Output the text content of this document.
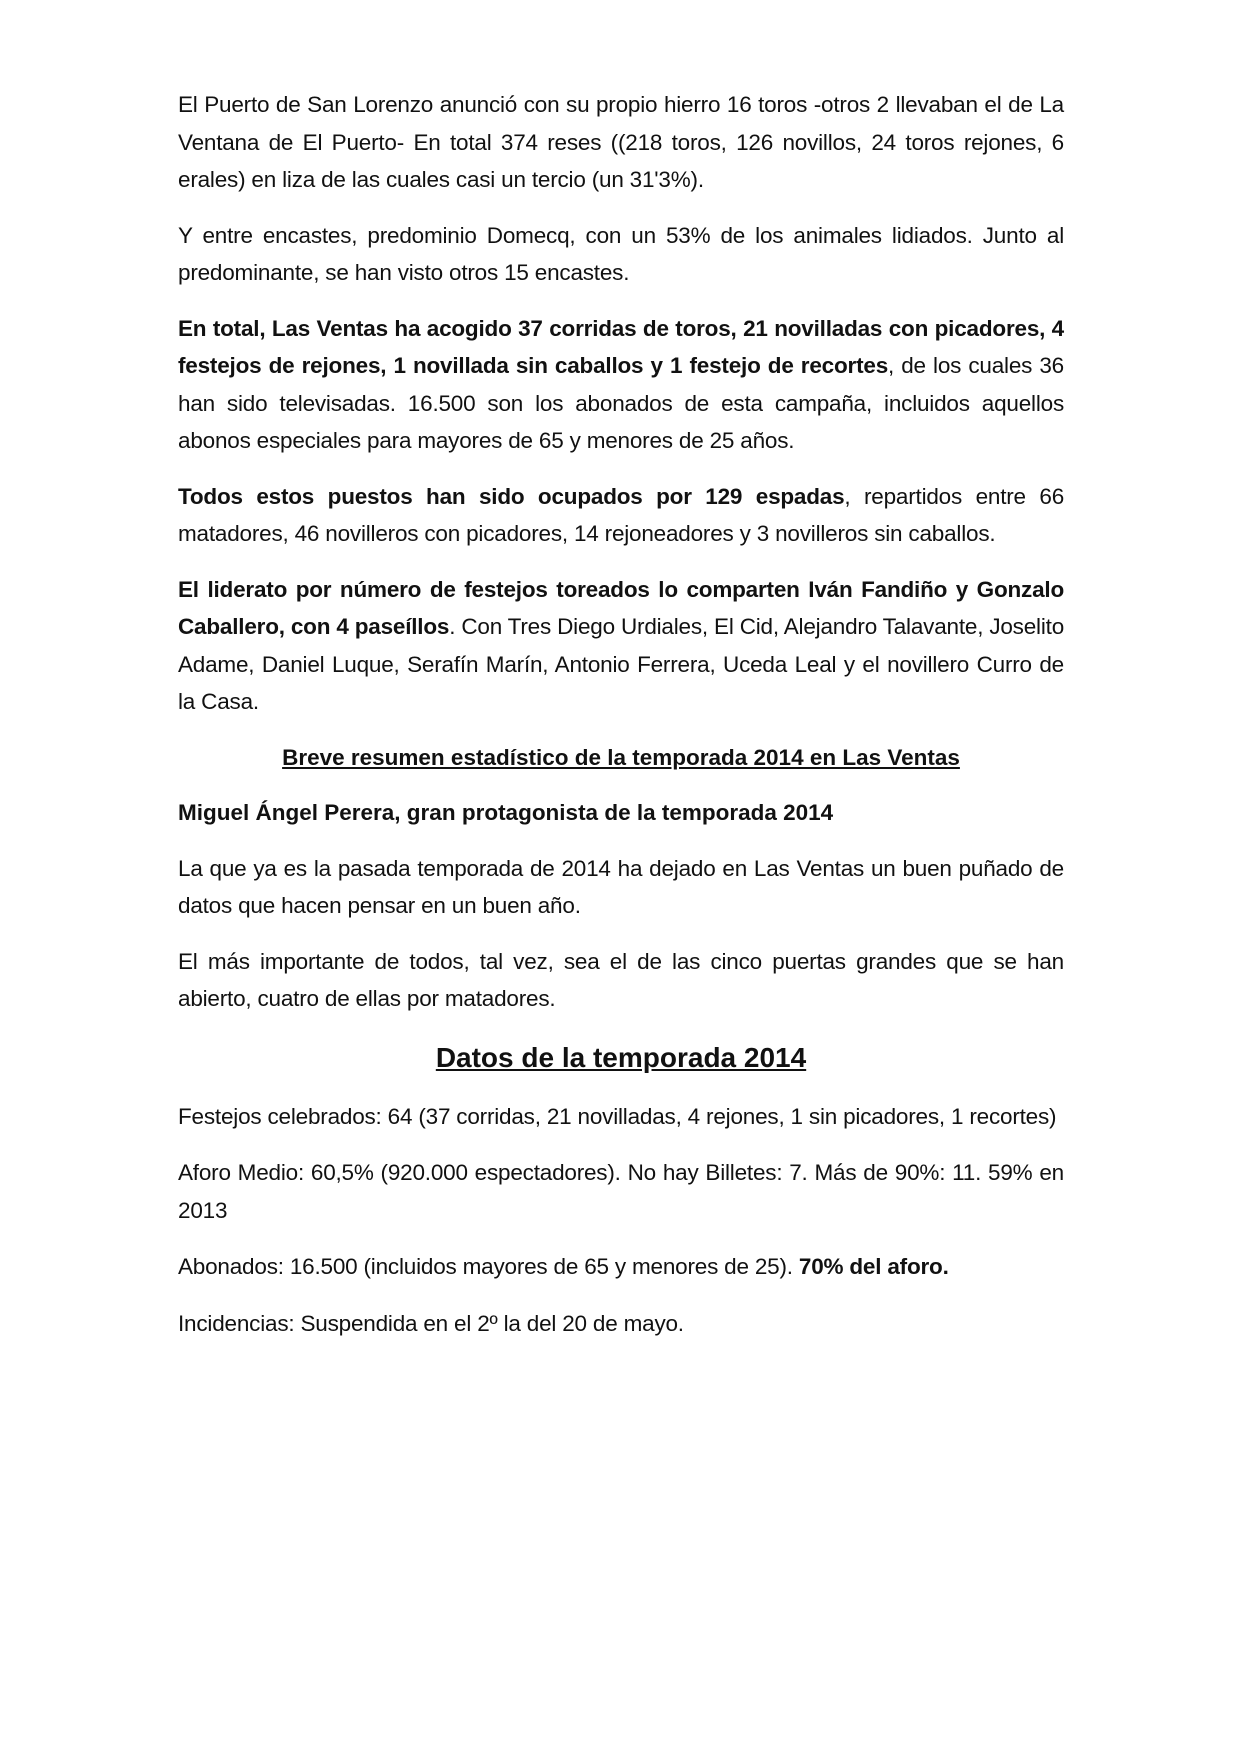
El Puerto de San Lorenzo anunció con su propio hierro 16 toros -otros 2 llevaban el de La Ventana de El Puerto- En total 374 reses ((218 toros, 126 novillos, 24 toros rejones, 6 erales) en liza de las cuales casi un tercio (un 31'3%).

Y entre encastes, predominio Domecq, con un 53% de los animales lidiados. Junto al predominante, se han visto otros 15 encastes.

En total, Las Ventas ha acogido 37 corridas de toros, 21 novilladas con picadores, 4 festejos de rejones, 1 novillada sin caballos y 1 festejo de recortes, de los cuales 36 han sido televisadas. 16.500 son los abonados de esta campaña, incluidos aquellos abonos especiales para mayores de 65 y menores de 25 años.

Todos estos puestos han sido ocupados por 129 espadas, repartidos entre 66 matadores, 46 novilleros con picadores, 14 rejoneadores y 3 novilleros sin caballos.

El liderato por número de festejos toreados lo comparten Iván Fandiño y Gonzalo Caballero, con 4 paseíllos. Con Tres Diego Urdiales, El Cid, Alejandro Talavante, Joselito Adame, Daniel Luque, Serafín Marín, Antonio Ferrera, Uceda Leal y el novillero Curro de la Casa.

Breve resumen estadístico de la temporada 2014 en Las Ventas
Miguel Ángel Perera, gran protagonista de la temporada 2014

La que ya es la pasada temporada de 2014 ha dejado en Las Ventas un buen puñado de datos que hacen pensar en un buen año.

El más importante de todos, tal vez, sea el de las cinco puertas grandes que se han abierto, cuatro de ellas por matadores.

Datos de la temporada 2014

Festejos celebrados: 64 (37 corridas, 21 novilladas, 4 rejones, 1 sin picadores, 1 recortes)

Aforo Medio: 60,5% (920.000 espectadores). No hay Billetes: 7. Más de 90%: 11. 59% en 2013

Abonados: 16.500 (incluidos mayores de 65 y menores de 25). 70% del aforo.

Incidencias: Suspendida en el 2º la del 20 de mayo.
